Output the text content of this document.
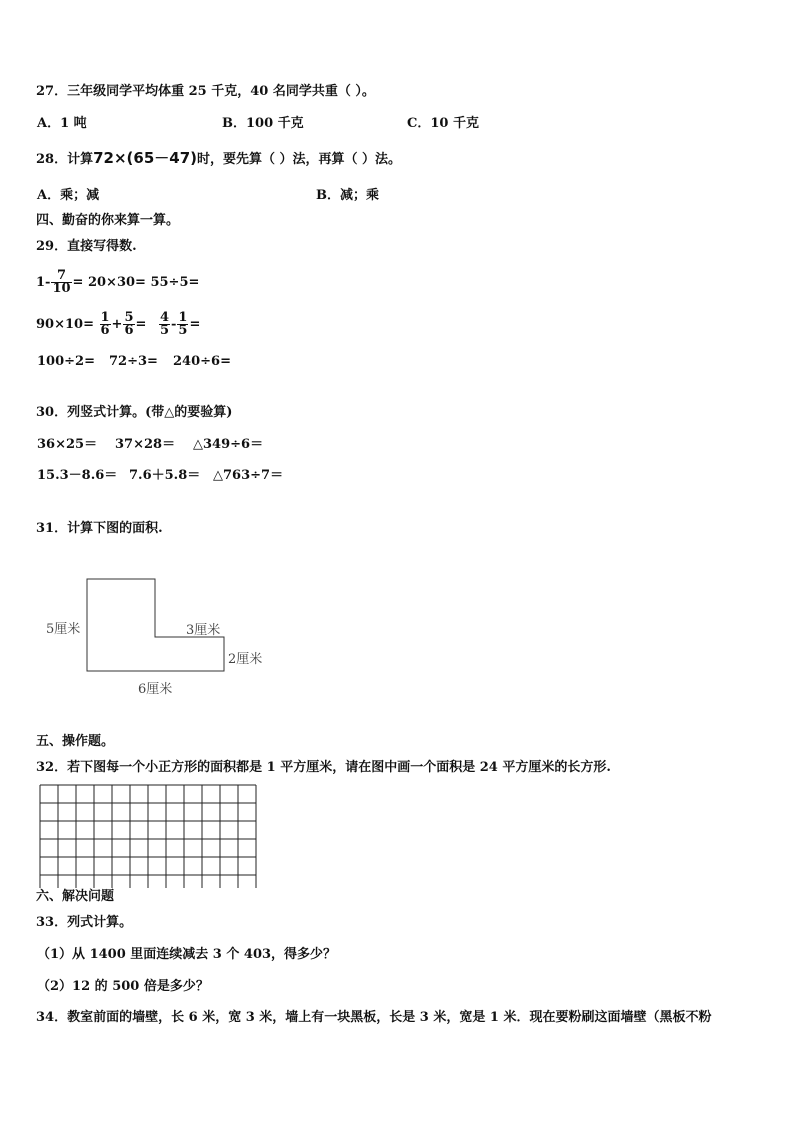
27．三年级同学平均体重 25 千克，40 名同学共重（ ）。
A．1 吨	B．100 千克	C．10 千克
28．计算72×(65－47)时，要先算（ ）法，再算（ ）法。
A．乘；减	B．减；乘
四、勤奋的你来算一算。
29．直接写得数.
$1- \frac{7}{10} = 20\times 30= 55\div 5=$
$90\times 10= \frac{1}{6} + \frac{5}{6} = \frac{4}{5} - \frac{1}{5}$ =
100÷2= 72÷3= 240÷6=
30．列竖式计算。(带△的要验算)
36×25＝ 37×28＝ △349÷6＝
15.3－8.6＝ 7.6＋5.8＝ △763÷7＝
31．计算下图的面积.
5厘米	3厘米
2厘米
6厘米
五、操作题。
32．若下图每一个小正方形的面积都是 1 平方厘米，请在图中画一个面积是 24 平方厘米的长方形.
六、解决问题
33．列式计算。
（1）从 1400 里面连续减去 3 个 403，得多少？
（2）12 的 500 倍是多少？
34．教室前面的墙壁，长 6 米，宽 3 米，墙上有一块黑板，长是 3 米，宽是 1 米．现在要粉刷这面墙壁（黑板不粉
